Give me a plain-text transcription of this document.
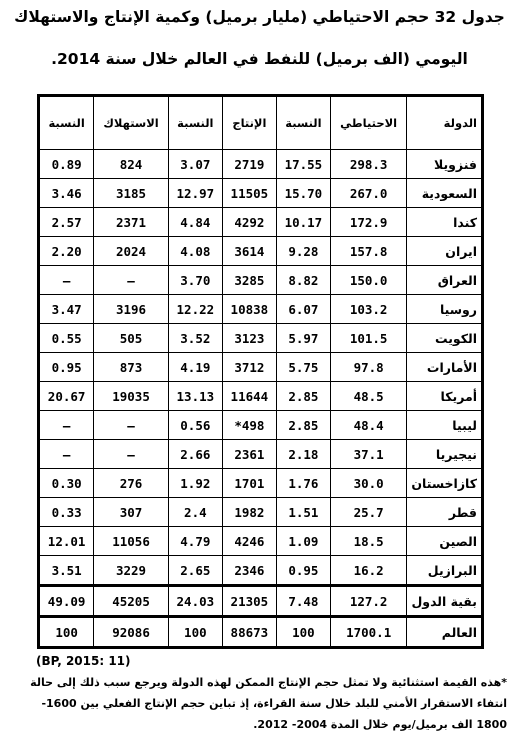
جدول 32 حجم الاحتياطي (مليار برميل) وكمية الإنتاج والاستهلاك
اليومي (الف برميل) للنفط في العالم خلال سنة 2014.
الدولة	الاحتياطي	النسبة	الإنتاج	النسبة	الاستهلاك	النسبة
فنزويلا	298.3	17.55	2719	3.07	824	0.89
السعودية	267.0	15.70	11505	12.97	3185	3.46
كندا	172.9	10.17	4292	4.84	2371	2.57
ايران	157.8	9.28	3614	4.08	2024	2.20
العراق	150.0	8.82	3285	3.70	–	–
روسيا	103.2	6.07	10838	12.22	3196	3.47
الكويت	101.5	5.97	3123	3.52	505	0.55
الأمارات	97.8	5.75	3712	4.19	873	0.95
أمريكا	48.5	2.85	11644	13.13	19035	20.67
ليبيا	48.4	2.85	498*	0.56	–	–
نيجيريا	37.1	2.18	2361	2.66	–	–
كازاخستان	30.0	1.76	1701	1.92	276	0.30
قطر	25.7	1.51	1982	2.4	307	0.33
الصين	18.5	1.09	4246	4.79	11056	12.01
البرازيل	16.2	0.95	2346	2.65	3229	3.51
بقية الدول	127.2	7.48	21305	24.03	45205	49.09
العالم	1700.1	100	88673	100	92086	100
(BP, 2015: 11)
*هذه القيمة استثنائية ولا تمثل حجم الإنتاج الممكن لهذه الدولة ويرجع سبب ذلك إلى حالة
انتفاء الاستقرار الأمني للبلد خلال سنة القراءة، إذ تباين حجم الإنتاج الفعلي بين 1600-
1800 الف برميل/يوم خلال المدة 2004- 2012.
